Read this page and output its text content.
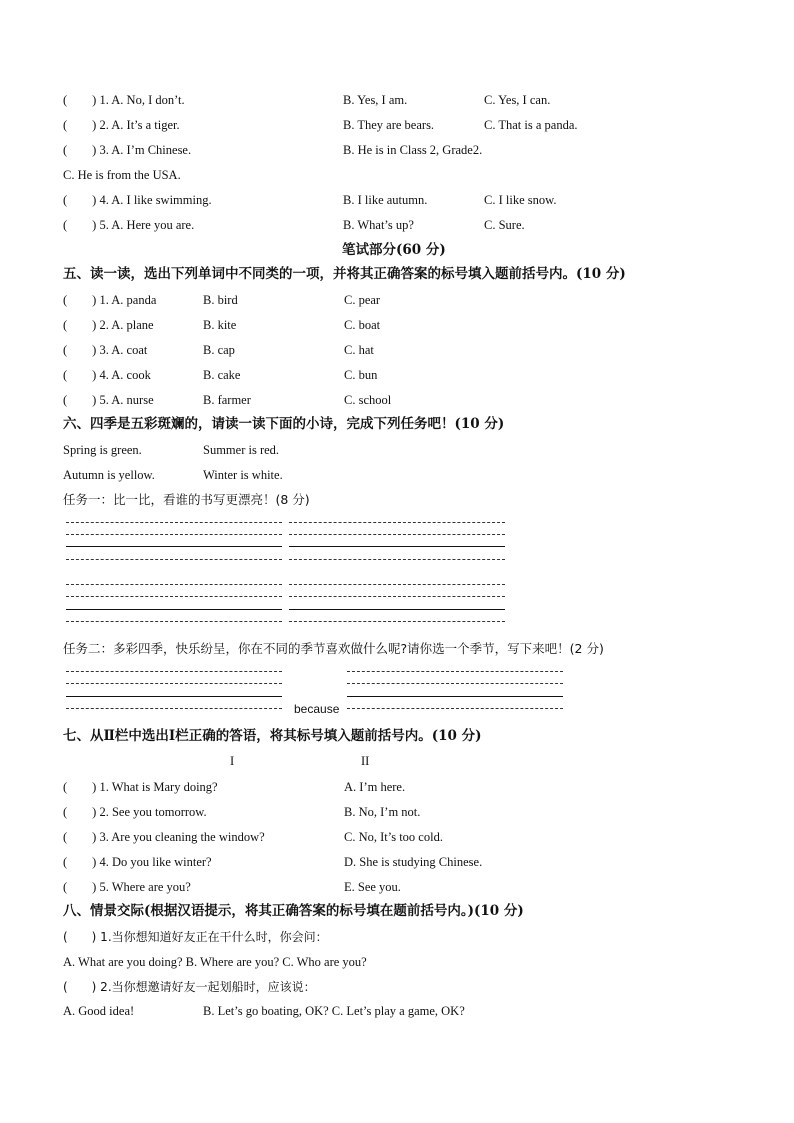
(　　) 1. A. No, I don’t.	B. Yes, I am.	C. Yes, I can.
(　　) 2. A. It’s a tiger.	B. They are bears.	C. That is a panda.
(　　) 3. A. I’m Chinese.	B. He is in Class 2, Grade2.
C. He is from the USA.
(　　) 4. A. I like swimming.	B. I like autumn.	C. I like snow.
(　　) 5. A. Here you are.	B. What’s up?	C. Sure.
笔试部分(60 分)
五、读一读，选出下列单词中不同类的一项，并将其正确答案的标号填入题前括号内。(10 分)
(　　) 1. A. panda	B. bird	C. pear
(　　) 2. A. plane	B. kite	C. boat
(　　) 3. A. coat	B. cap	C. hat
(　　) 4. A. cook	B. cake	C. bun
(　　) 5. A. nurse	B. farmer	C. school
六、四季是五彩斑斓的，请读一读下面的小诗，完成下列任务吧！(10 分)
Spring is green.	Summer is red.
Autumn is yellow.	Winter is white.
任务一：比一比，看谁的书写更漂亮！(8 分)
任务二：多彩四季，快乐纷呈，你在不同的季节喜欢做什么呢?请你选一个季节，写下来吧！(2 分)
because
七、从Ⅱ栏中选出Ⅰ栏正确的答语，将其标号填入题前括号内。(10 分)
I	II
(　　) 1. What is Mary doing?	A. I’m here.
(　　) 2. See you tomorrow.	B. No, I’m not.
(　　) 3. Are you cleaning the window?	C. No, It’s too cold.
(　　) 4. Do you like winter?	D. She is studying Chinese.
(　　) 5. Where are you?	E. See you.
八、情景交际(根据汉语提示，将其正确答案的标号填在题前括号内。)(10 分)
(　　) 1.当你想知道好友正在干什么时，你会问：
A. What are you doing? B. Where are you? C. Who are you?
(　　) 2.当你想邀请好友一起划船时，应该说：
A. Good idea!	B. Let’s go boating, OK? C. Let’s play a game, OK?
